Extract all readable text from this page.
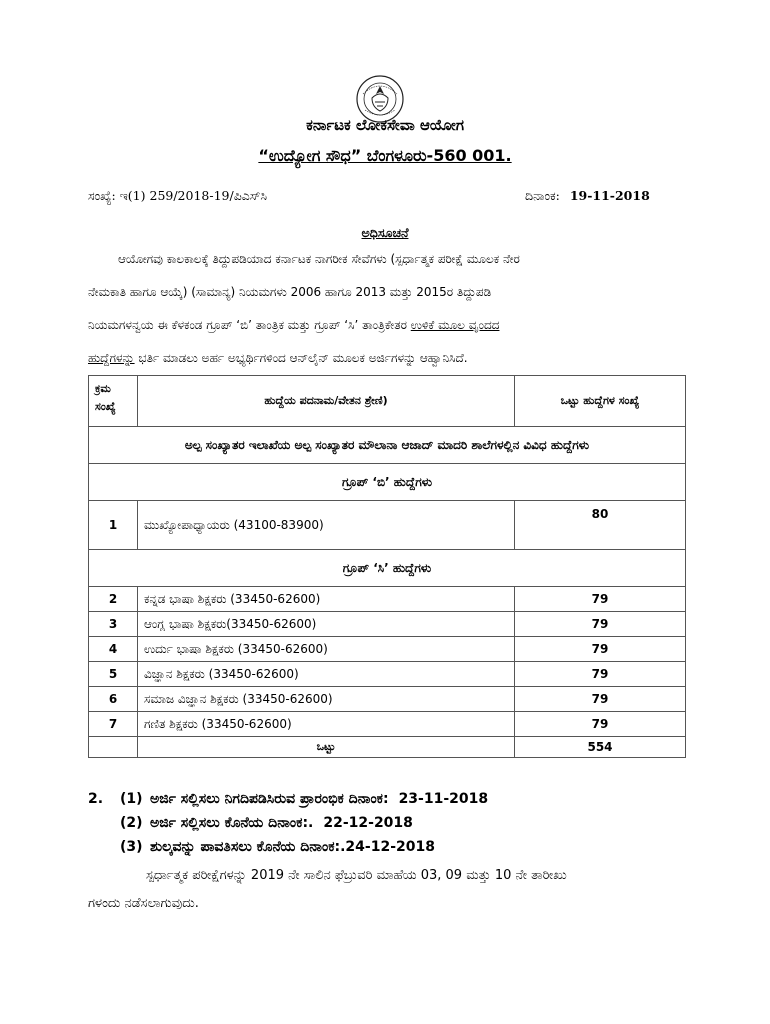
ಕರ್ನಾಟಕ ಲೋಕಸೇವಾ ಆಯೋಗ
“ಉದ್ಯೋಗ ಸೌಧ” ಬೆಂಗಳೂರು-560 001.
ಸಂಖ್ಯೆ: ಇ(1) 259/2018-19/ಪಿಎಸ್‌ಸಿ	ದಿನಾಂಕ: 19-11-2018
ಅಧಿಸೂಚನೆ

ಆಯೋಗವು ಕಾಲಕಾಲಕ್ಕೆ ತಿದ್ದುಪಡಿಯಾದ ಕರ್ನಾಟಕ ನಾಗರೀಕ ಸೇವೆಗಳು (ಸ್ಪರ್ಧಾತ್ಮಕ ಪರೀಕ್ಷೆ ಮೂಲಕ ನೇರ

ನೇಮಕಾತಿ ಹಾಗೂ ಆಯ್ಕೆ) (ಸಾಮಾನ್ಯ) ನಿಯಮಗಳು 2006 ಹಾಗೂ 2013 ಮತ್ತು 2015ರ ತಿದ್ದುಪಡಿ

ನಿಯಮಗಳನ್ವಯ ಈ ಕೆಳಕಂಡ ಗ್ರೂಪ್ ‘ಬಿ’ ತಾಂತ್ರಿಕ ಮತ್ತು ಗ್ರೂಪ್ ‘ಸಿ’ ತಾಂತ್ರಿಕೇತರ ಉಳಿಕೆ ಮೂಲ ವೃಂದದ

ಹುದ್ದೆಗಳನ್ನು ಭರ್ತಿ ಮಾಡಲು ಅರ್ಹ ಅಭ್ಯರ್ಥಿಗಳಿಂದ ಆನ್‌ಲೈನ್ ಮೂಲಕ ಅರ್ಜಿಗಳನ್ನು ಆಹ್ವಾನಿಸಿದೆ.

ಕ್ರಮ
ಸಂಖ್ಯೆ	ಹುದ್ದೆಯ ಪದನಾಮ/ವೇತನ ಶ್ರೇಣಿ)	ಒಟ್ಟು ಹುದ್ದೆಗಳ ಸಂಖ್ಯೆ
ಅಲ್ಪ ಸಂಖ್ಯಾತರ ಇಲಾಖೆಯ ಅಲ್ಪ ಸಂಖ್ಯಾತರ ಮೌಲಾನಾ ಆಜಾದ್ ಮಾದರಿ ಶಾಲೆಗಳಲ್ಲಿನ ವಿವಿಧ ಹುದ್ದೆಗಳು		
ಗ್ರೂಪ್ ‘ಬಿ’ ಹುದ್ದೆಗಳು		
1	ಮುಖ್ಯೋಪಾಧ್ಯಾಯರು (43100-83900)	80
ಗ್ರೂಪ್ ‘ಸಿ’ ಹುದ್ದೆಗಳು		
2	ಕನ್ನಡ ಭಾಷಾ ಶಿಕ್ಷಕರು (33450-62600)	79
3	ಆಂಗ್ಲ ಭಾಷಾ ಶಿಕ್ಷಕರು(33450-62600)	79
4	ಉರ್ದು ಭಾಷಾ ಶಿಕ್ಷಕರು (33450-62600)	79
5	ವಿಜ್ಞಾನ ಶಿಕ್ಷಕರು (33450-62600)	79
6	ಸಮಾಜ ವಿಜ್ಞಾನ ಶಿಕ್ಷಕರು (33450-62600)	79
7	ಗಣಿತ ಶಿಕ್ಷಕರು (33450-62600)	79
	ಒಟ್ಟು	554
2. (1) ಅರ್ಜಿ ಸಲ್ಲಿಸಲು ನಿಗದಿಪಡಿಸಿರುವ ಪ್ರಾರಂಭಿಕ ದಿನಾಂಕ: 23-11-2018
(2) ಅರ್ಜಿ ಸಲ್ಲಿಸಲು ಕೊನೆಯ ದಿನಾಂಕ:. 22-12-2018
(3) ಶುಲ್ಕವನ್ನು ಪಾವತಿಸಲು ಕೊನೆಯ ದಿನಾಂಕ:.24-12-2018
ಸ್ಪರ್ಧಾತ್ಮಕ ಪರೀಕ್ಷೆಗಳನ್ನು 2019 ನೇ ಸಾಲಿನ ಫೆಬ್ರುವರಿ ಮಾಹೆಯ 03, 09 ಮತ್ತು 10 ನೇ ತಾರೀಖು
ಗಳಂದು ನಡೆಸಲಾಗುವುದು.
